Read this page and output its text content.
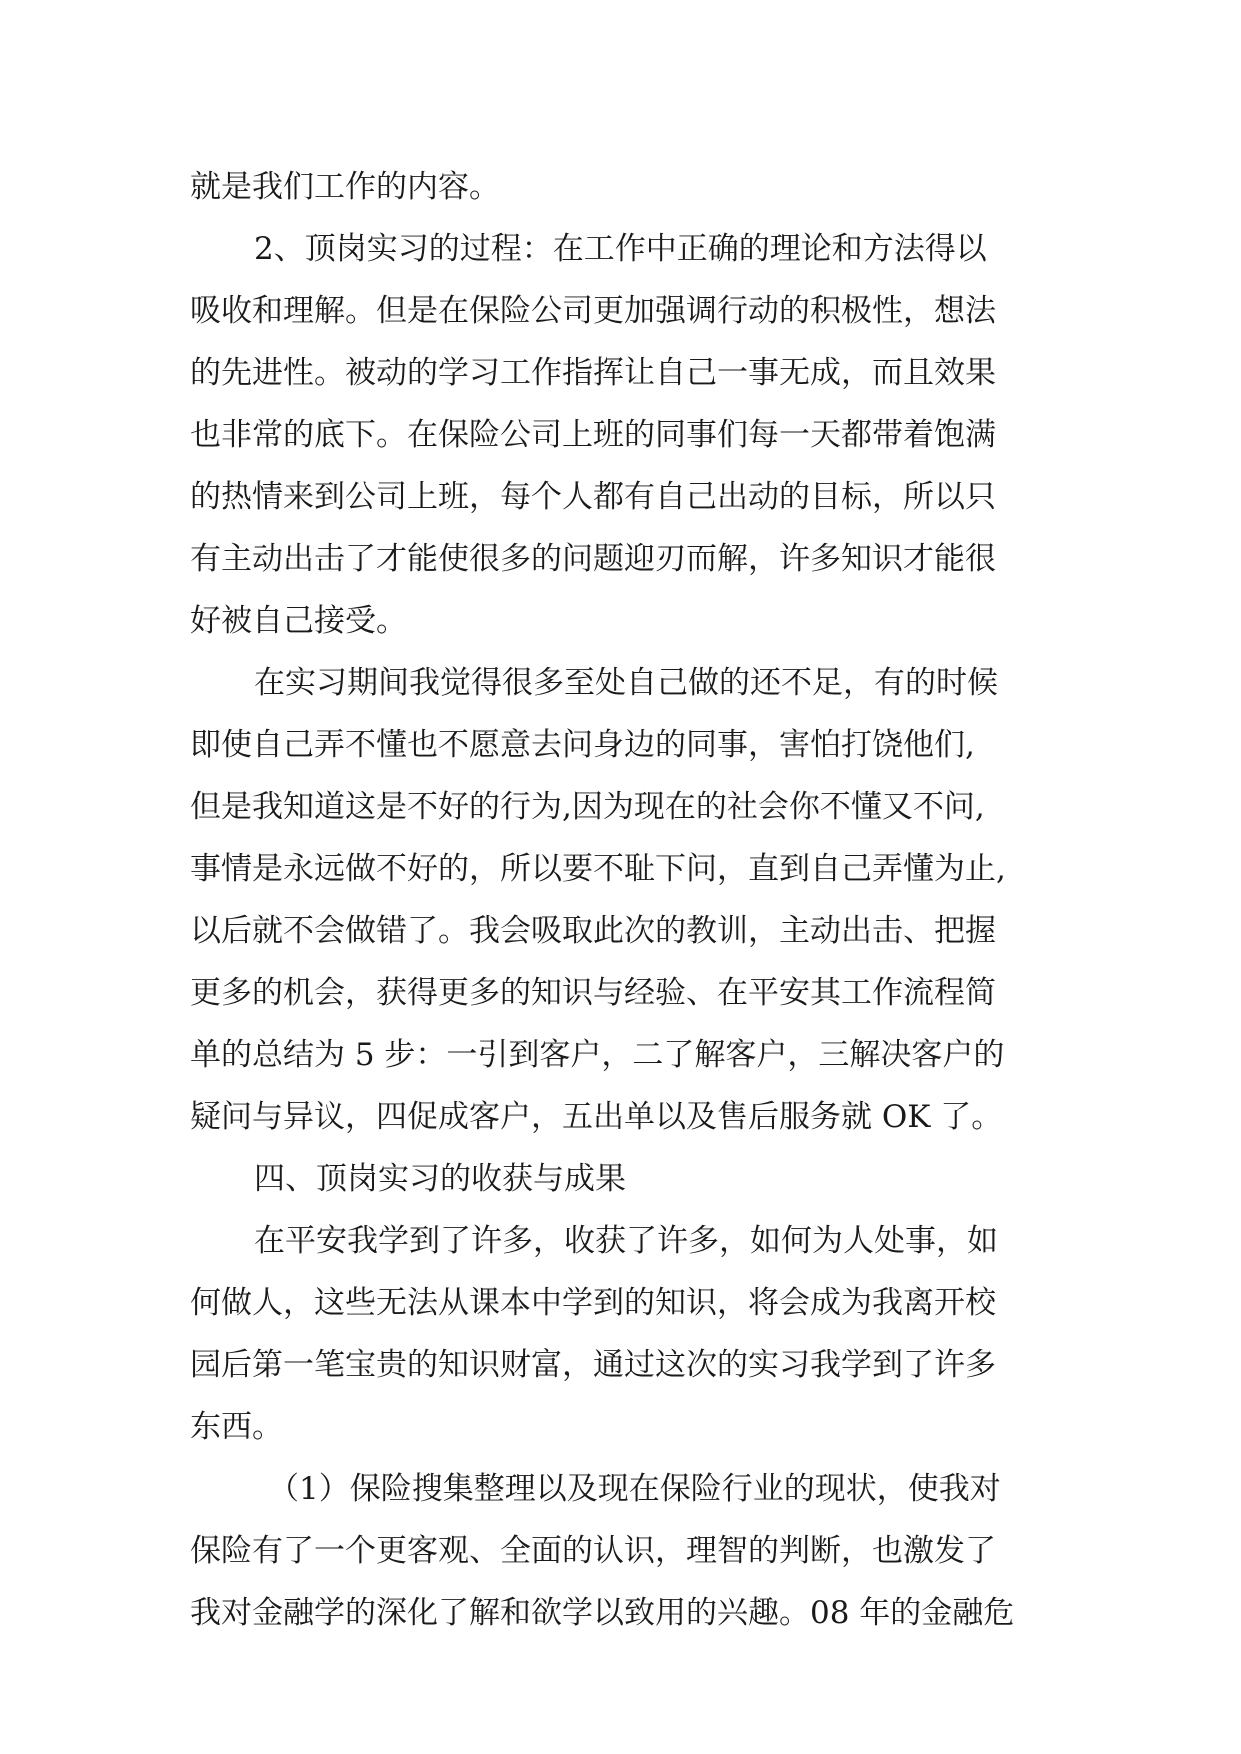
就是我们工作的内容。
2、顶岗实习的过程：在工作中正确的理论和方法得以
吸收和理解。但是在保险公司更加强调行动的积极性，想法
的先进性。被动的学习工作指挥让自己一事无成，而且效果
也非常的底下。在保险公司上班的同事们每一天都带着饱满
的热情来到公司上班，每个人都有自己出动的目标，所以只
有主动出击了才能使很多的问题迎刃而解，许多知识才能很
好被自己接受。
在实习期间我觉得很多至处自己做的还不足，有的时候
即使自己弄不懂也不愿意去问身边的同事，害怕打饶他们,
但是我知道这是不好的行为,因为现在的社会你不懂又不问,
事情是永远做不好的，所以要不耻下问，直到自己弄懂为止,
以后就不会做错了。我会吸取此次的教训，主动出击、把握
更多的机会，获得更多的知识与经验、在平安其工作流程简
单的总结为 5 步：一引到客户，二了解客户，三解决客户的
疑问与异议，四促成客户，五出单以及售后服务就 OK 了。
四、顶岗实习的收获与成果
在平安我学到了许多，收获了许多，如何为人处事，如
何做人，这些无法从课本中学到的知识，将会成为我离开校
园后第一笔宝贵的知识财富，通过这次的实习我学到了许多
东西。
（1）保险搜集整理以及现在保险行业的现状，使我对
保险有了一个更客观、全面的认识，理智的判断，也激发了
我对金融学的深化了解和欲学以致用的兴趣。08 年的金融危
